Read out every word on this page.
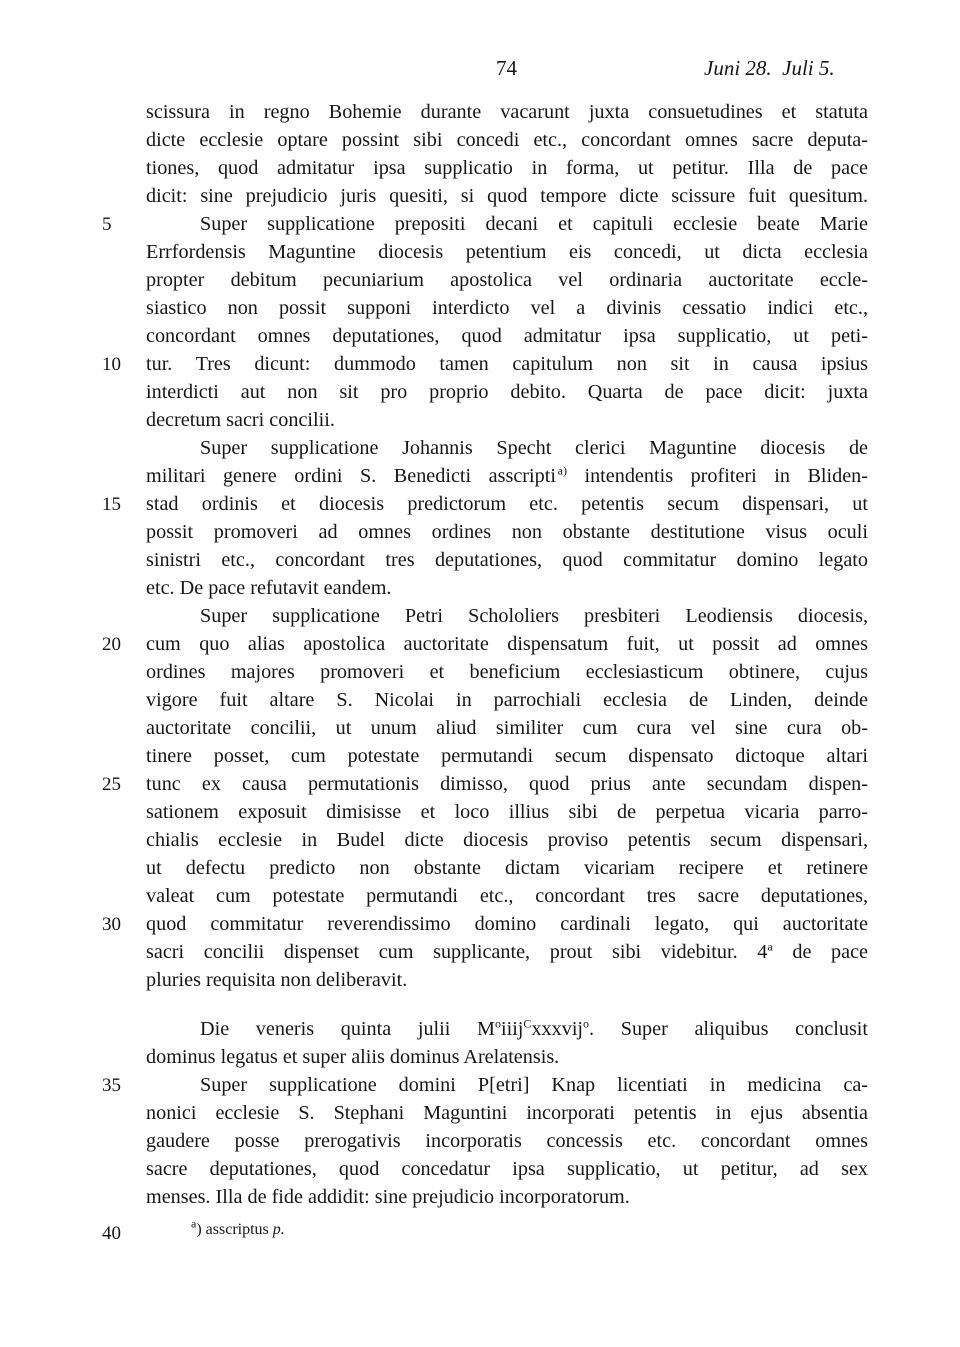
74	Juni 28.  Juli 5.
scissura in regno Bohemie durante vacarunt juxta consuetudines et statuta
dicte ecclesie optare possint sibi concedi etc., concordant omnes sacre deputa-
tiones, quod admitatur ipsa supplicatio in forma, ut petitur. Illa de pace
dicit: sine prejudicio juris quesiti, si quod tempore dicte scissure fuit quesitum.
Super supplicatione prepositi decani et capituli ecclesie beate Marie
Errfordensis Maguntine diocesis petentium eis concedi, ut dicta ecclesia
propter debitum pecuniarium apostolica vel ordinaria auctoritate eccle-
siastico non possit supponi interdicto vel a divinis cessatio indici etc.,
concordant omnes deputationes, quod admitatur ipsa supplicatio, ut peti-
tur. Tres dicunt: dummodo tamen capitulum non sit in causa ipsius
interdicti aut non sit pro proprio debito. Quarta de pace dicit: juxta
decretum sacri concilii.
Super supplicatione Johannis Specht clerici Maguntine diocesis de
militari genere ordini S. Benedicti asscripti  $^{a)}$ intendentis profiteri in Bliden-
stad ordinis et diocesis predictorum etc. petentis secum dispensari, ut
possit promoveri ad omnes ordines non obstante destitutione visus oculi
sinistri etc., concordant tres deputationes, quod commitatur domino legato
etc. De pace refutavit eandem.
Super supplicatione Petri Schololiers presbiteri Leodiensis diocesis,
cum quo alias apostolica auctoritate dispensatum fuit, ut possit ad omnes
ordines majores promoveri et beneficium ecclesiasticum obtinere, cujus
vigore fuit altare S. Nicolai in parrochiali ecclesia de Linden, deinde
auctoritate concilii, ut unum aliud similiter cum cura vel sine cura ob-
tinere posset, cum potestate permutandi secum dispensato dictoque altari
tunc ex causa permutationis dimisso, quod prius ante secundam dispen-
sationem exposuit dimisisse et loco illius sibi de perpetua vicaria parro-
chialis ecclesie in Budel dicte diocesis proviso petentis secum dispensari,
ut defectu predicto non obstante dictam vicariam recipere et retinere
valeat cum potestate permutandi etc., concordant tres sacre deputationes,
quod commitatur reverendissimo domino cardinali legato, qui auctoritate
sacri concilii dispenset cum supplicante, prout sibi videbitur. 4$^a$ de pace
pluries requisita non deliberavit.
Die veneris quinta julii $M^oiiij^Cxxxvij^o$. Super aliquibus conclusit
dominus legatus et super aliis dominus Arelatensis.
Super supplicatione domini P[etri] Knap licentiati in medicina ca-
nonici ecclesie S. Stephani Maguntini incorporati petentis in ejus absentia
gaudere posse prerogativis incorporatis concessis etc. concordant omnes
sacre deputationes, quod concedatur ipsa supplicatio, ut petitur, ad sex
menses. Illa de fide addidit: sine prejudicio incorporatorum.
5
10
15
20
25
30
35
40	$^a$) asscriptus p.
